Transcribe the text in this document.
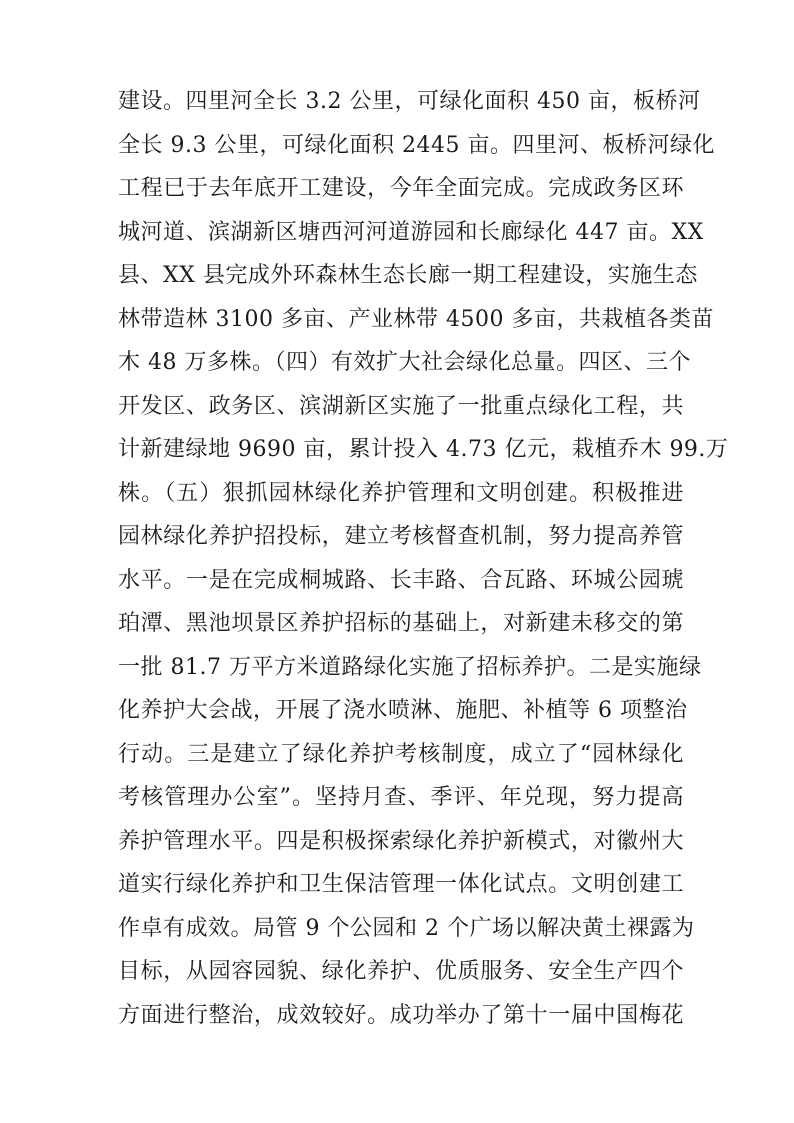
建设。四里河全长 3.2 公里，可绿化面积 450 亩，板桥河
全长 9.3 公里，可绿化面积 2445 亩。四里河、板桥河绿化
工程已于去年底开工建设，今年全面完成。完成政务区环
城河道、滨湖新区塘西河河道游园和长廊绿化 447 亩。XX
县、XX 县完成外环森林生态长廊一期工程建设，实施生态
林带造林 3100 多亩、产业林带 4500 多亩，共栽植各类苗
木 48 万多株。（四）有效扩大社会绿化总量。四区、三个
开发区、政务区、滨湖新区实施了一批重点绿化工程，共
计新建绿地 9690 亩，累计投入 4.73 亿元，栽植乔木 99.万
株。（五）狠抓园林绿化养护管理和文明创建。积极推进
园林绿化养护招投标，建立考核督查机制，努力提高养管
水平。一是在完成桐城路、长丰路、合瓦路、环城公园琥
珀潭、黑池坝景区养护招标的基础上，对新建未移交的第
一批 81.7 万平方米道路绿化实施了招标养护。二是实施绿
化养护大会战，开展了浇水喷淋、施肥、补植等 6 项整治
行动。三是建立了绿化养护考核制度，成立了“园林绿化
考核管理办公室”。坚持月查、季评、年兑现，努力提高
养护管理水平。四是积极探索绿化养护新模式，对徽州大
道实行绿化养护和卫生保洁管理一体化试点。文明创建工
作卓有成效。局管 9 个公园和 2 个广场以解决黄土裸露为
目标，从园容园貌、绿化养护、优质服务、安全生产四个
方面进行整治，成效较好。成功举办了第十一届中国梅花
